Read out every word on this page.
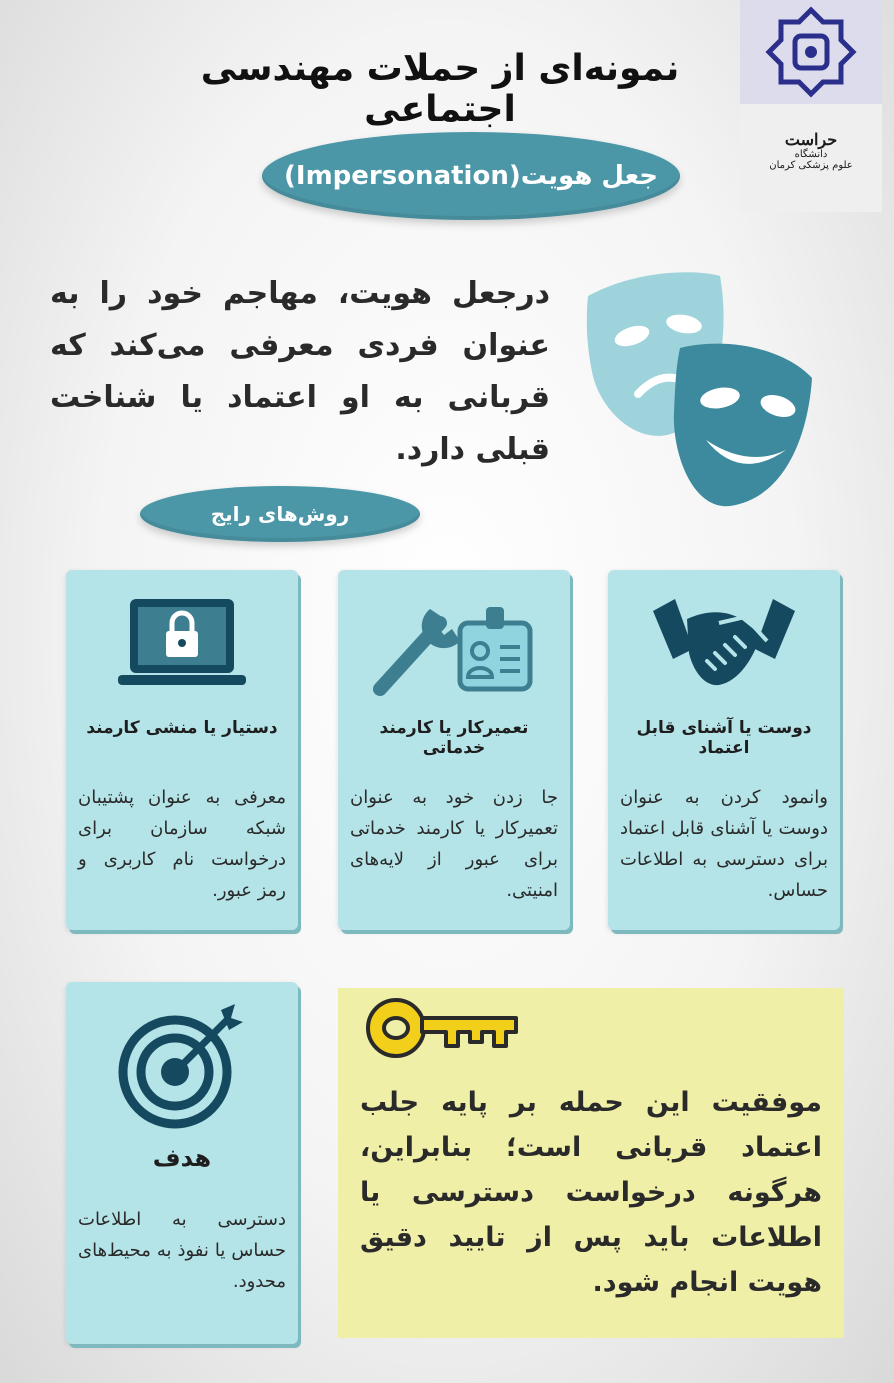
نمونه‌ای از حملات مهندسی اجتماعی
حراست
دانشگاه
علوم پزشکی کرمان
جعل هویت(Impersonation)
درجعل هویت، مهاجم خود را به عنوان فردی معرفی می‌کند که قربانی به او اعتماد یا شناخت قبلی دارد.
روش‌های رایج
دوست یا آشنای قابل اعتماد
وانمود کردن به عنوان دوست یا آشنای قابل اعتماد برای دسترسی به اطلاعات حساس.
تعمیرکار یا کارمند خدماتی
جا زدن خود به عنوان تعمیرکار یا کارمند خدماتی برای عبور از لایه‌های امنیتی.
دستیار یا منشی کارمند
معرفی به عنوان پشتیبان شبکه سازمان برای درخواست نام کاربری و رمز عبور.
هدف
دسترسی به اطلاعات حساس یا نفوذ به محیط‌های محدود.
موفقیت این حمله بر پایه جلب اعتماد قربانی است؛ بنابراین، هرگونه درخواست دسترسی یا اطلاعات باید پس از تایید دقیق هویت انجام شود.
